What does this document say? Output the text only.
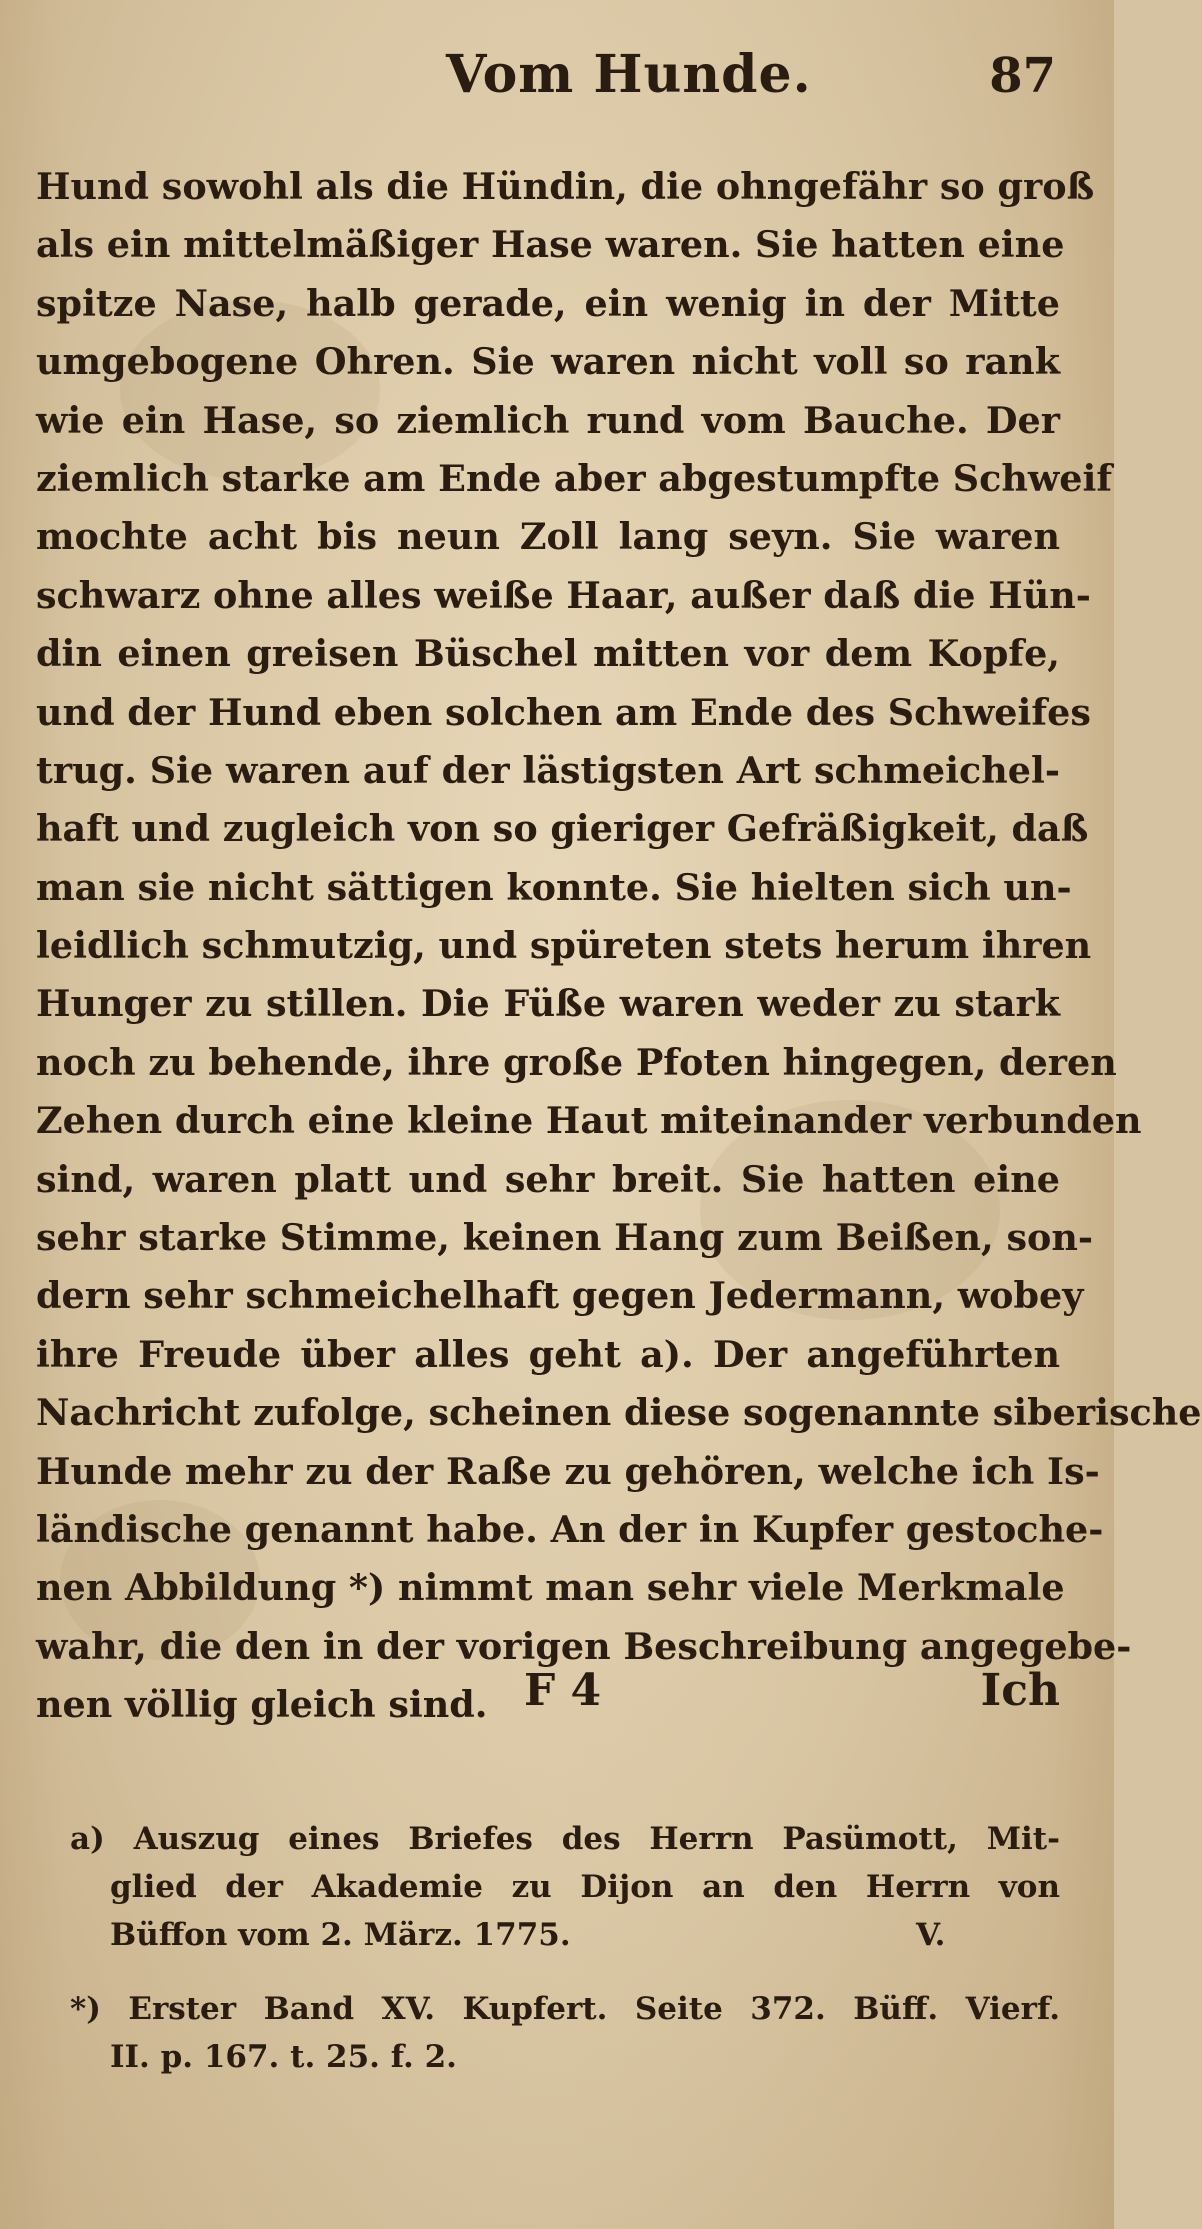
Vom Hunde.	87
Hund sowohl als die Hündin, die ohngefähr so groß
als ein mittelmäßiger Hase waren. Sie hatten eine
spitze Nase, halb gerade, ein wenig in der Mitte
umgebogene Ohren. Sie waren nicht voll so rank
wie ein Hase, so ziemlich rund vom Bauche. Der
ziemlich starke am Ende aber abgestumpfte Schweif
mochte acht bis neun Zoll lang seyn. Sie waren
schwarz ohne alles weiße Haar, außer daß die Hün-
din einen greisen Büschel mitten vor dem Kopfe,
und der Hund eben solchen am Ende des Schweifes
trug. Sie waren auf der lästigsten Art schmeichel-
haft und zugleich von so gieriger Gefräßigkeit, daß
man sie nicht sättigen konnte. Sie hielten sich un-
leidlich schmutzig, und spüreten stets herum ihren
Hunger zu stillen. Die Füße waren weder zu stark
noch zu behende, ihre große Pfoten hingegen, deren
Zehen durch eine kleine Haut miteinander verbunden
sind, waren platt und sehr breit. Sie hatten eine
sehr starke Stimme, keinen Hang zum Beißen, son-
dern sehr schmeichelhaft gegen Jedermann, wobey
ihre Freude über alles geht a). Der angeführten
Nachricht zufolge, scheinen diese sogenannte siberische
Hunde mehr zu der Raße zu gehören, welche ich Is-
ländische genannt habe. An der in Kupfer gestoche-
nen Abbildung *) nimmt man sehr viele Merkmale
wahr, die den in der vorigen Beschreibung angegebe-
nen völlig gleich sind. F 4	Ich
a) Auszug eines Briefes des Herrn Pasümott, Mit-
glied der Akademie zu Dijon an den Herrn von
Büffon vom 2. März. 1775.                                V.
*) Erster Band XV. Kupfert. Seite 372. Büff. Vierf.
II. p. 167. t. 25. f. 2.
